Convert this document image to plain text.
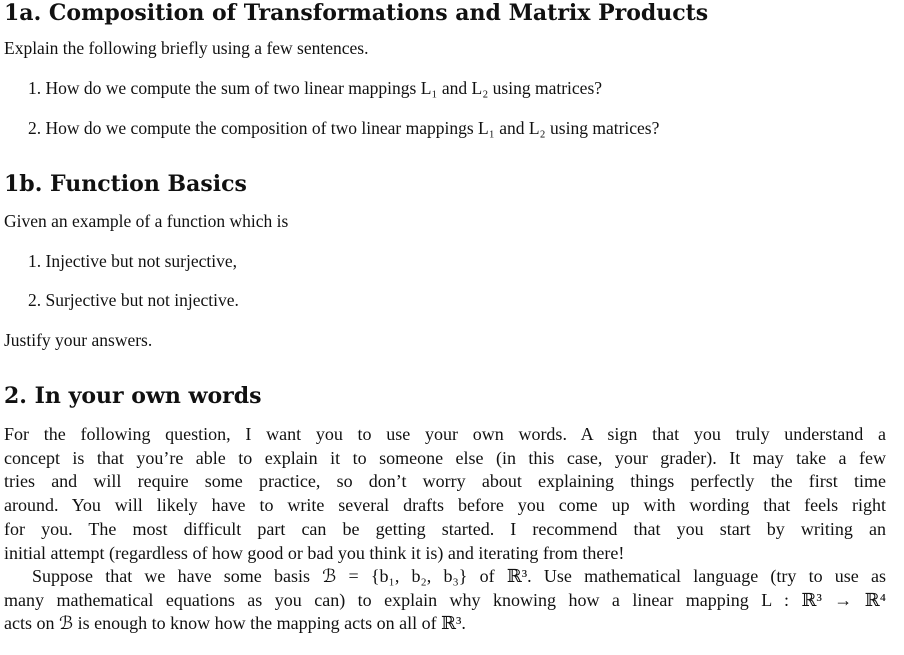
1a. Composition of Transformations and Matrix Products
Explain the following briefly using a few sentences.
1. How do we compute the sum of two linear mappings L₁ and L₂ using matrices?
2. How do we compute the composition of two linear mappings L₁ and L₂ using matrices?
1b. Function Basics
Given an example of a function which is
1. Injective but not surjective,
2. Surjective but not injective.
Justify your answers.
2. In your own words
For the following question, I want you to use your own words. A sign that you truly understand a
concept is that you’re able to explain it to someone else (in this case, your grader). It may take a few
tries and will require some practice, so don’t worry about explaining things perfectly the first time
around. You will likely have to write several drafts before you come up with wording that feels right
for you. The most difficult part can be getting started. I recommend that you start by writing an
initial attempt (regardless of how good or bad you think it is) and iterating from there!
Suppose that we have some basis ℬ = {b₁, b₂, b₃} of ℝ³. Use mathematical language (try to use as
many mathematical equations as you can) to explain why knowing how a linear mapping L : ℝ³ → ℝ⁴
acts on ℬ is enough to know how the mapping acts on all of ℝ³.
